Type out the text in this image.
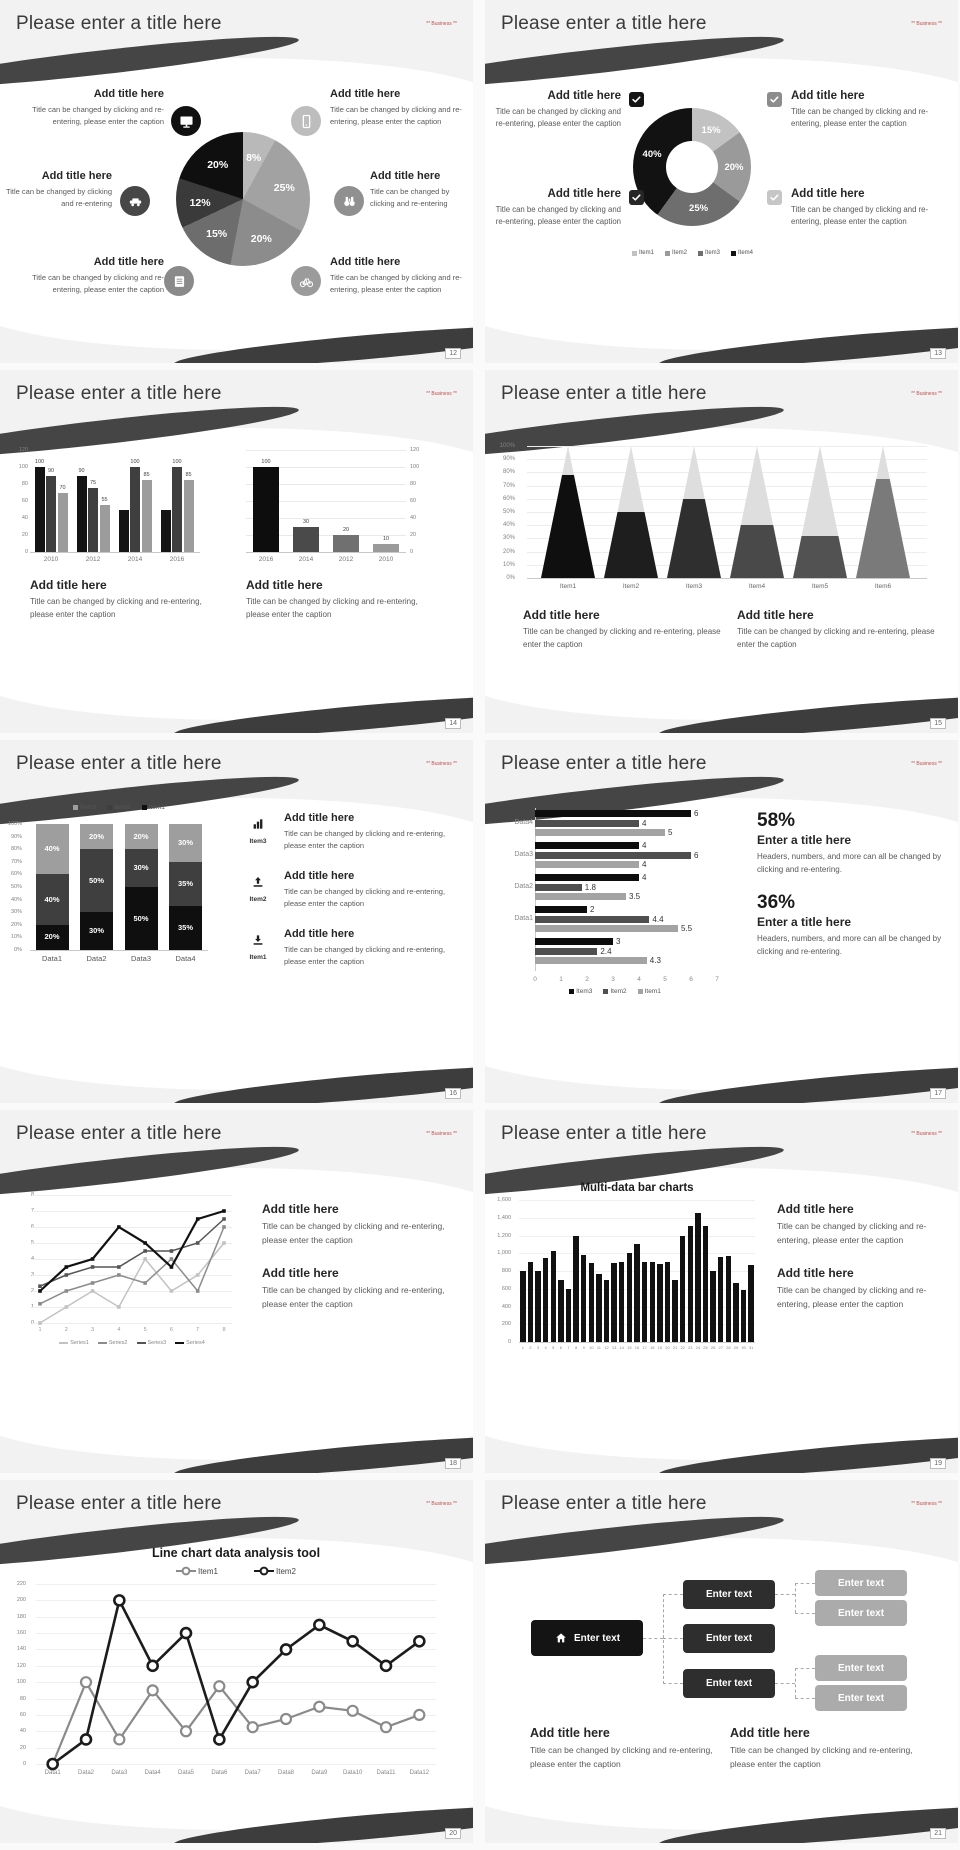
Please enter a title here	** Business **
8%
25%
20%
15%
12%
20%
Add title here
Title can be changed by clicking and re-entering, please enter the caption
Add title here
Title can be changed by clicking and re-entering, please enter the caption
Add title here
Title can be changed by clicking and re-entering
Add title here
Title can be changed by clicking and re-entering
Add title here
Title can be changed by clicking and re-entering, please enter the caption
Add title here
Title can be changed by clicking and re-entering, please enter the caption
12
Please enter a title here	** Business **
15%
20%
25%
40%
Add title here
Title can be changed by clicking and re-entering, please enter the caption
Add title here
Title can be changed by clicking and re-entering, please enter the caption
Add title here
Title can be changed by clicking and re-entering, please enter the caption
Add title here
Title can be changed by clicking and re-entering, please enter the caption
Item1	Item2	Item3	Item4
13
Please enter a title here	** Business **
0
20
40
60
80
100
120
100
90
70
2010
90
75
55
2012
100
85
2014
100
85
2016
0
20
40
60
80
100
120
100
2016
30
2014
20
2012
10
2010
Add title here
Title can be changed by clicking and re-entering, please enter the caption
Add title here
Title can be changed by clicking and re-entering, please enter the caption
14
Please enter a title here	** Business **
0%
10%
20%
30%
40%
50%
60%
70%
80%
90%
100%
Item1	Item2	Item3	Item4	Item5	Item6
Add title here
Title can be changed by clicking and re-entering, please enter the caption
Add title here
Title can be changed by clicking and re-entering, please enter the caption
15
Please enter a title here	** Business **
Item3	Item2	Item1
0%
10%
20%
30%
40%
50%
60%
70%
80%
90%
100%
20%
40%
40%
Data1
30%
50%
20%
Data2
50%
30%
20%
Data3
35%
35%
30%
Data4
Item3
Add title here
Title can be changed by clicking and re-entering, please enter the caption
Item2
Add title here
Title can be changed by clicking and re-entering, please enter the caption
Item1
Add title here
Title can be changed by clicking and re-entering, please enter the caption
16
Please enter a title here	** Business **
Data4
6
4
5
Data3
4
6
4
Data2
4
1.8
3.5
Data1
2
4.4
5.5
3
2.4
4.3
0	1	2	3	4	5	6	7
Item3	Item2	Item1
58%
Enter a title here
Headers, numbers, and more can all be changed by clicking and re-entering.
36%
Enter a title here
Headers, numbers, and more can all be changed by clicking and re-entering.
17
Please enter a title here	** Business **
1	2	3	4	5	6	7	8
Series1	Series2	Series3	Series4
Add title here
Title can be changed by clicking and re-entering, please enter the caption
Add title here
Title can be changed by clicking and re-entering, please enter the caption
18
Please enter a title here	** Business **
Multi-data bar charts
0
200
400
600
800
1,000
1,200
1,400
1,600
1	2	3	4	5	6	7	8	9	10 11 12 13 14 15 16 17 18 19 20 21 22 23 24 25 26 27 28 29 30 31
Add title here
Title can be changed by clicking and re-entering, please enter the caption
Add title here
Title can be changed by clicking and re-entering, please enter the caption
19
Please enter a title here	** Business **
Line chart data analysis tool
Item1	Item2
0
20
40
60
80
100
120
140
160
180
200
220
Data1	Data2	Data3	Data4	Data5	Data6	Data7	Data8	Data9	Data10	Data11	Data12
20
Please enter a title here	** Business **
Enter text
Enter text
Enter text
Enter text
Enter text
Enter text
Enter text
Enter text
Add title here
Title can be changed by clicking and re-entering, please enter the caption
Add title here
Title can be changed by clicking and re-entering, please enter the caption
21
